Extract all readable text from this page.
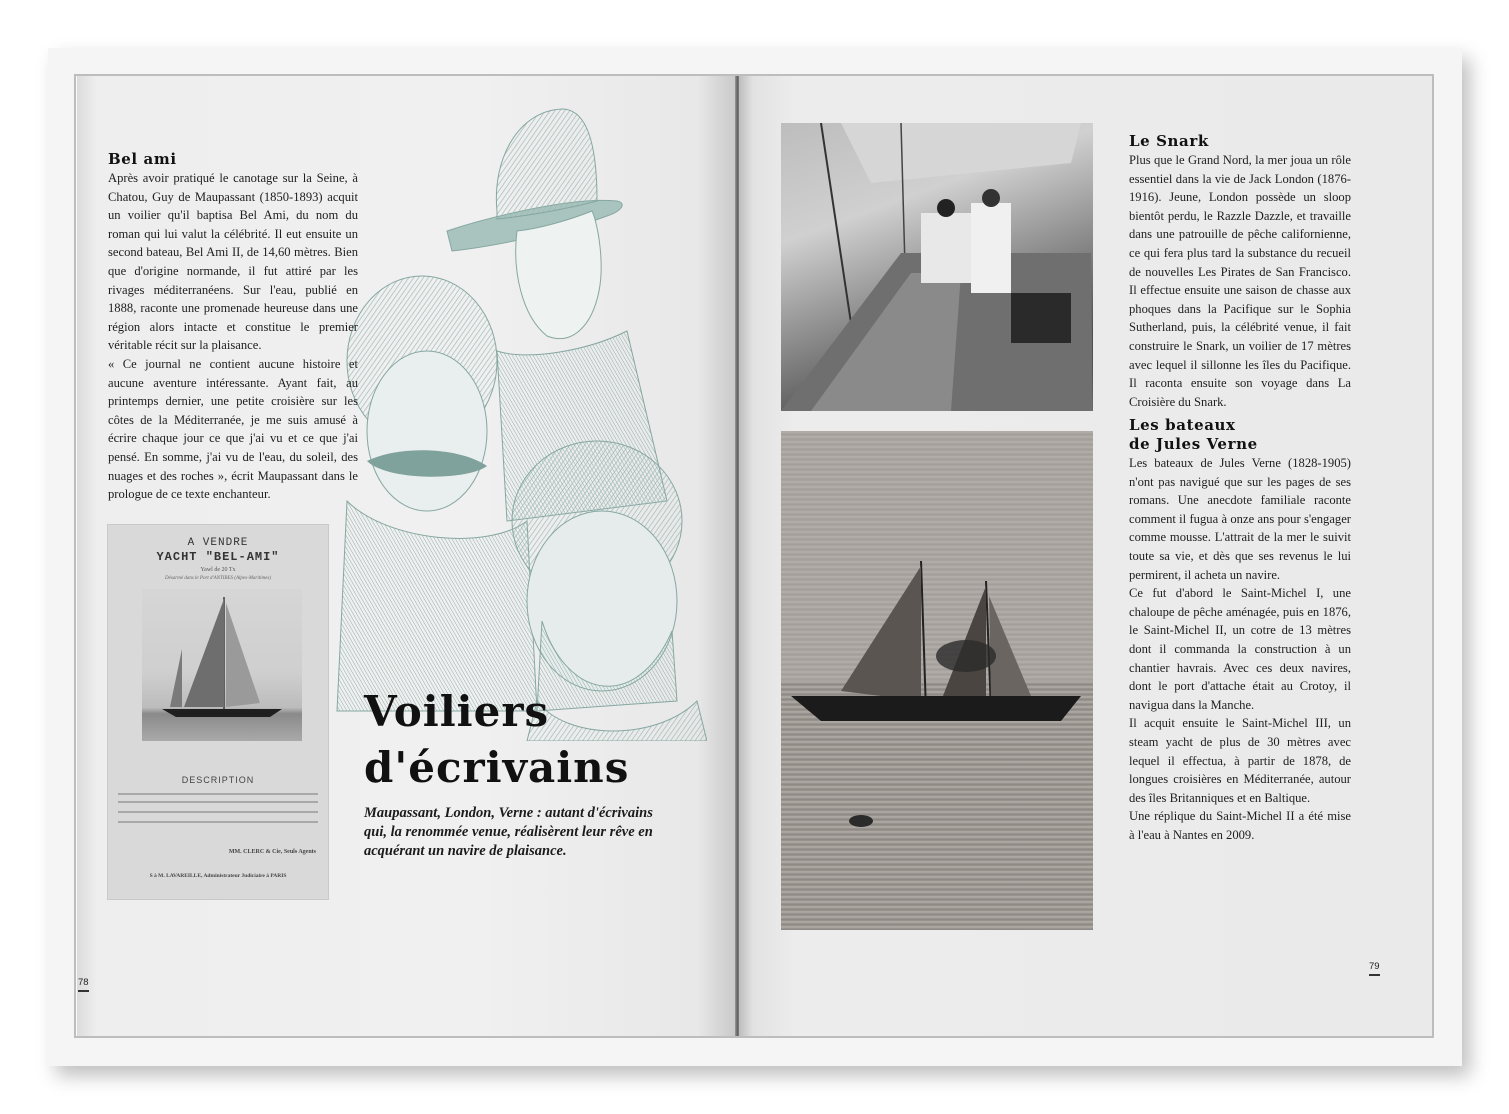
Bel ami

Après avoir pratiqué le canotage sur la Seine, à Chatou, Guy de Maupassant (1850-1893) acquit un voilier qu'il baptisa Bel Ami, du nom du roman qui lui valut la célébrité. Il eut ensuite un second bateau, Bel Ami II, de 14,60 mètres. Bien que d'origine normande, il fut attiré par les rivages méditerranéens. Sur l'eau, publié en 1888, raconte une promenade heureuse dans une région alors intacte et constitue le premier véritable récit sur la plaisance.

« Ce journal ne contient aucune histoire et aucune aventure intéressante. Ayant fait, au printemps dernier, une petite croisière sur les côtes de la Méditerranée, je me suis amusé à écrire chaque jour ce que j'ai vu et ce que j'ai pensé. En somme, j'ai vu de l'eau, du soleil, des nuages et des roches », écrit Maupassant dans le prologue de ce texte enchanteur.

A VENDRE
YACHT "BEL-AMI"
Yawl de 20 Tx
Désarmé dans le Port d'ANTIBES (Alpes-Maritimes)
DESCRIPTION
MM. CLERC & Cie, Seuls Agents
S à M. LAVAREILLE, Administrateur Judiciaire à PARIS
Voiliers
d'écrivains
Maupassant, London, Verne : autant d'écrivains qui, la renommée venue, réalisèrent leur rêve en acquérant un navire de plaisance.
78
Le Snark
Plus que le Grand Nord, la mer joua un rôle essentiel dans la vie de Jack London (1876-1916). Jeune, London possède un sloop bientôt perdu, le Razzle Dazzle, et travaille dans une patrouille de pêche californienne, ce qui fera plus tard la substance du recueil de nouvelles Les Pirates de San Francisco. Il effectue ensuite une saison de chasse aux phoques dans la Pacifique sur le Sophia Sutherland, puis, la célébrité venue, il fait construire le Snark, un voilier de 17 mètres avec lequel il sillonne les îles du Pacifique. Il raconta ensuite son voyage dans La Croisière du Snark.
Les bateaux
de Jules Verne

Les bateaux de Jules Verne (1828-1905) n'ont pas navigué que sur les pages de ses romans. Une anecdote familiale raconte comment il fugua à onze ans pour s'engager comme mousse. L'attrait de la mer le suivit toute sa vie, et dès que ses revenus le lui permirent, il acheta un navire.

Ce fut d'abord le Saint-Michel I, une chaloupe de pêche aménagée, puis en 1876, le Saint-Michel II, un cotre de 13 mètres dont il commanda la construction à un chantier havrais. Avec ces deux navires, dont le port d'attache était au Crotoy, il navigua dans la Manche.

Il acquit ensuite le Saint-Michel III, un steam yacht de plus de 30 mètres avec lequel il effectua, à partir de 1878, de longues croisières en Méditerranée, autour des îles Britanniques et en Baltique.

Une réplique du Saint-Michel II a été mise à l'eau à Nantes en 2009.

79
